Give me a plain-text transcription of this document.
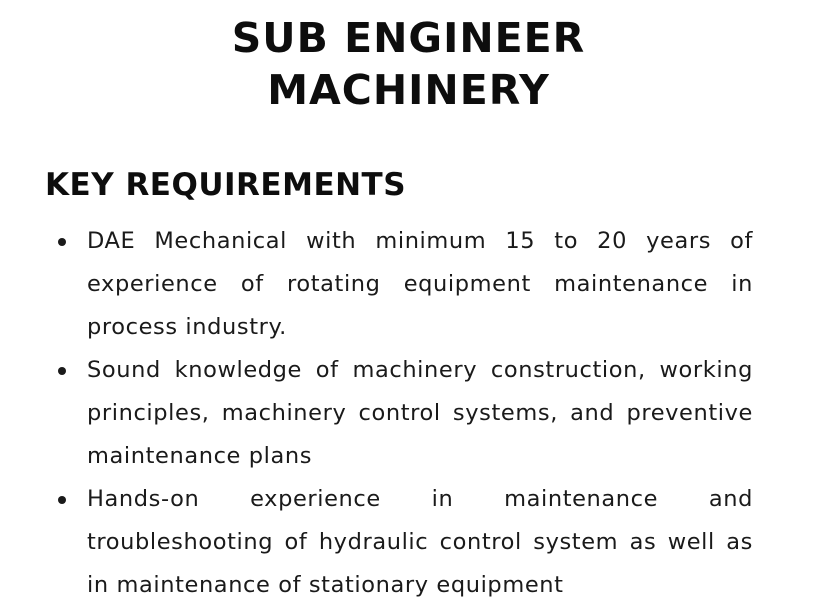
SUB ENGINEER
MACHINERY
KEY REQUIREMENTS
DAE Mechanical with minimum 15 to 20 years of experience of rotating equipment maintenance in process industry.
Sound knowledge of machinery construction, working principles, machinery control systems, and preventive maintenance plans
Hands-on experience in maintenance and troubleshooting of hydraulic control system as well as in maintenance of stationary equipment
